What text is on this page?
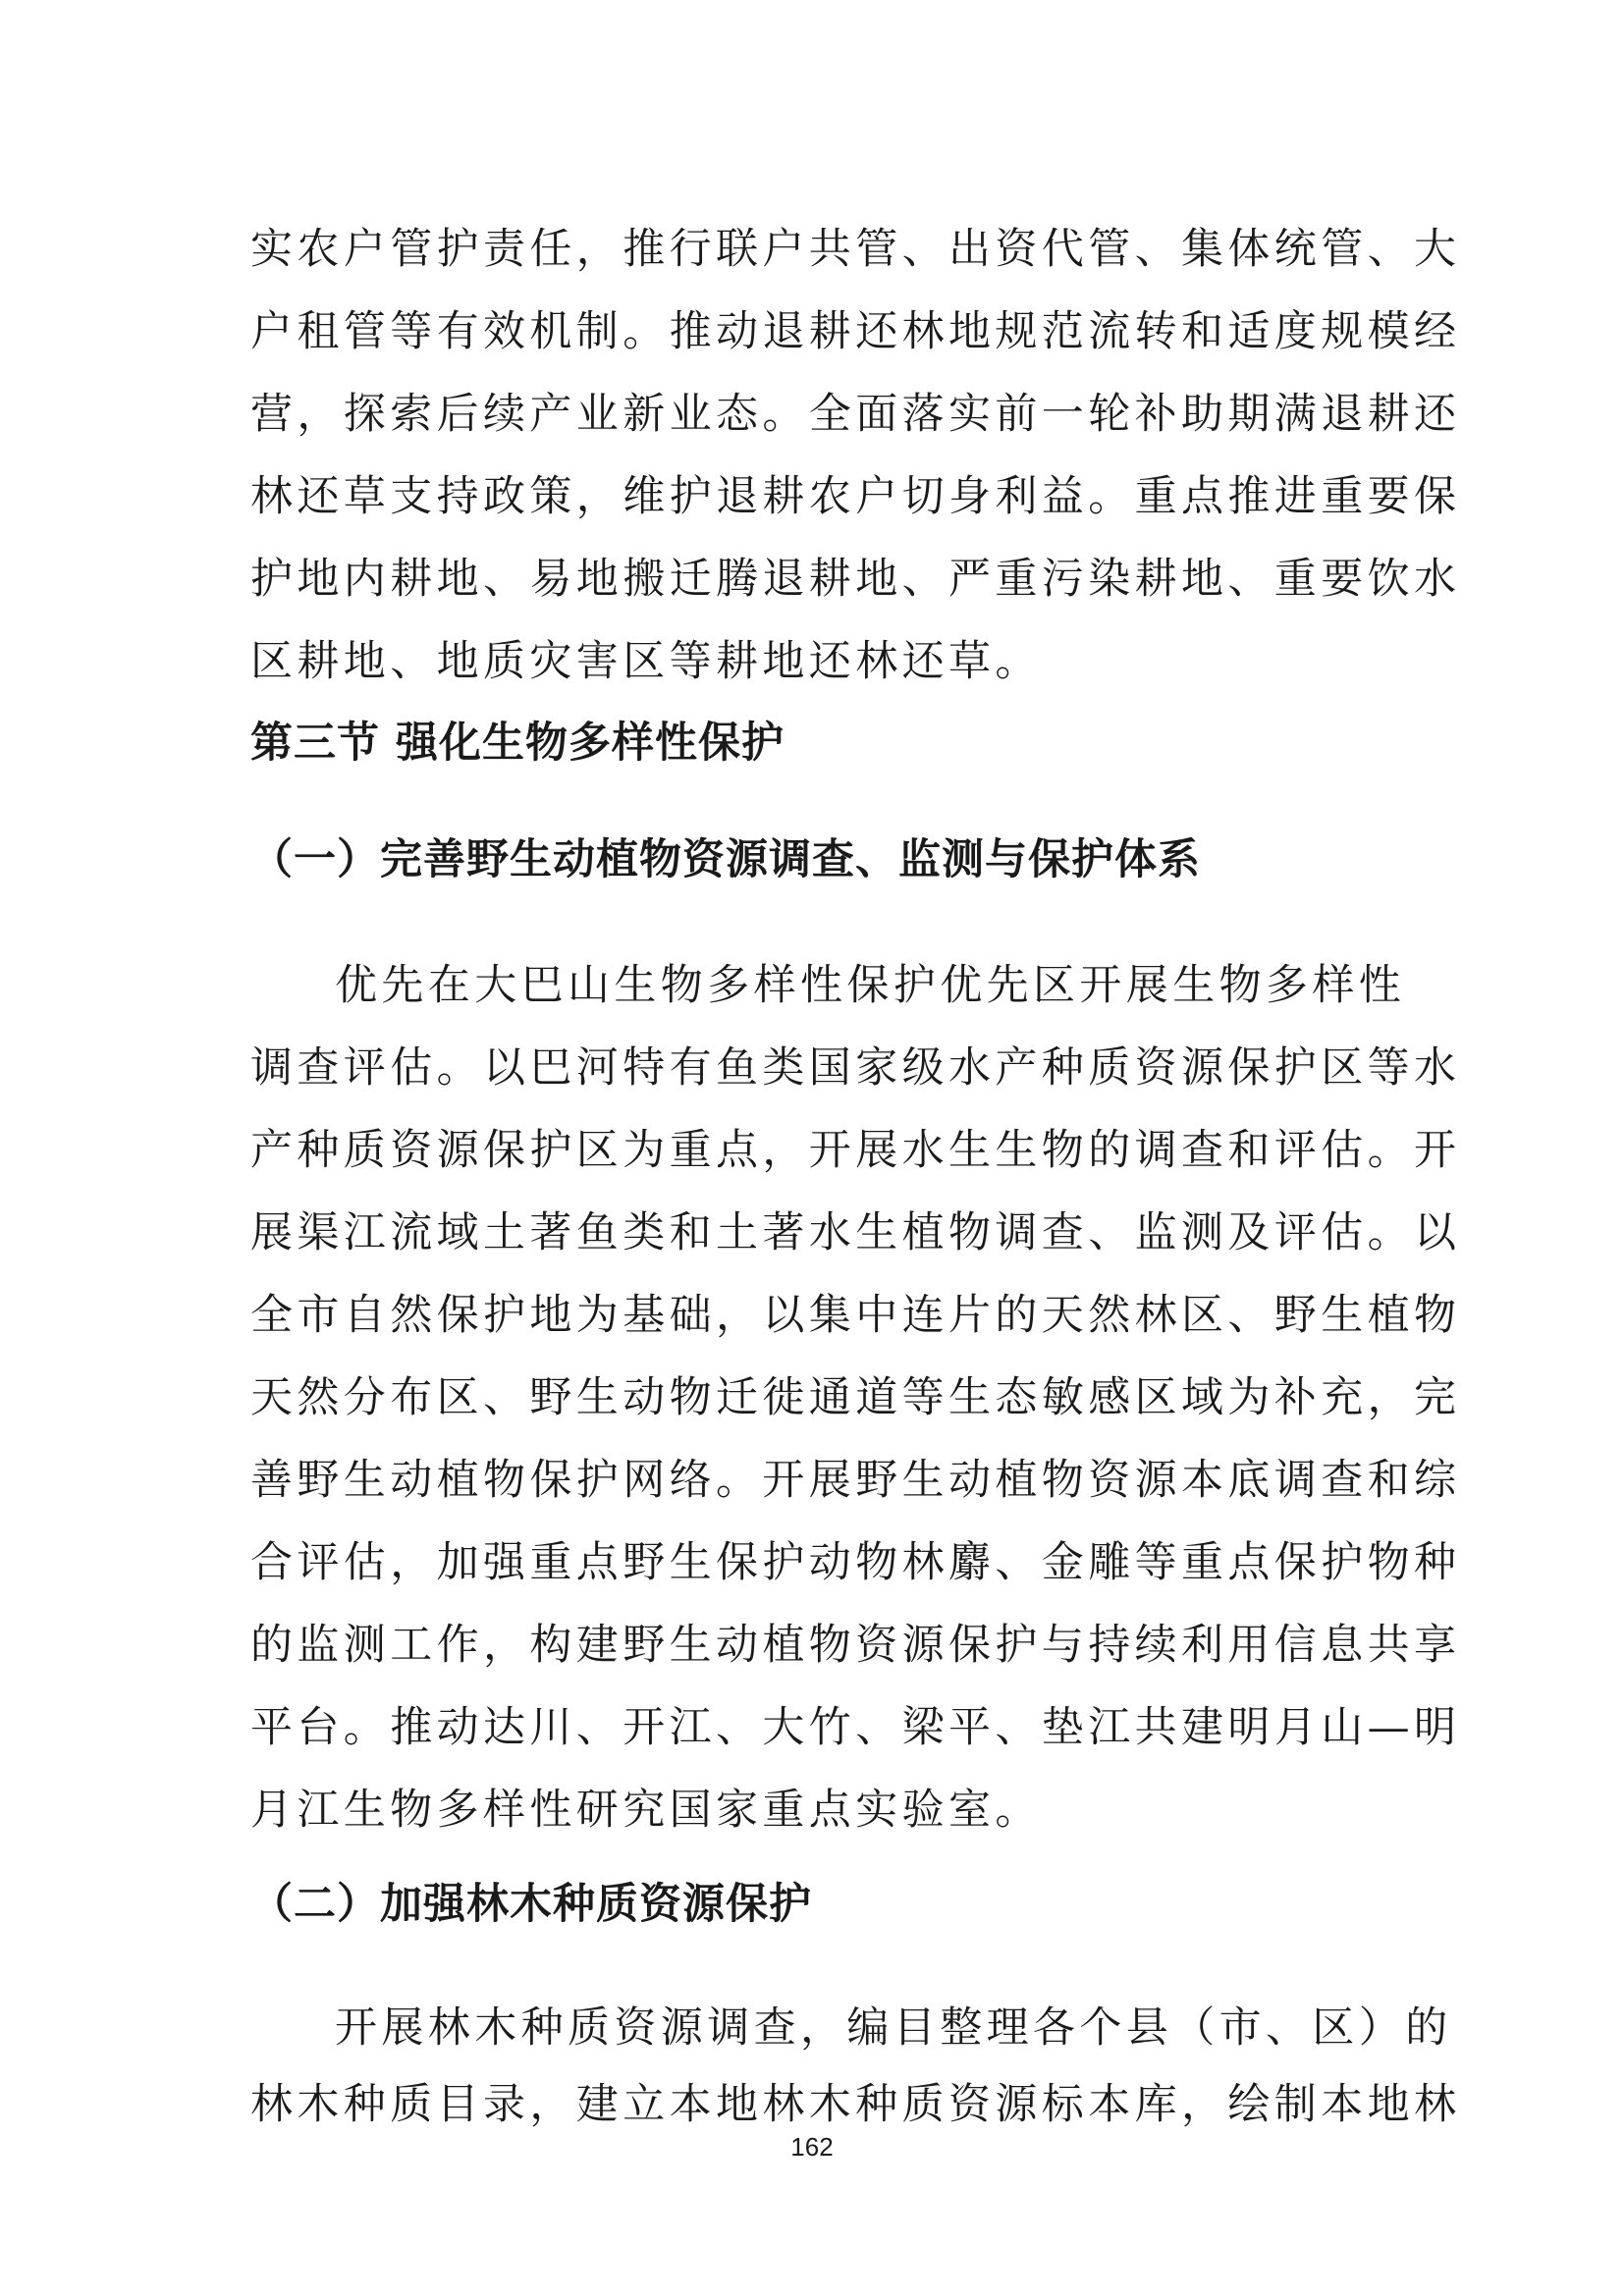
实农户管护责任，推行联户共管、出资代管、集体统管、大
户租管等有效机制。推动退耕还林地规范流转和适度规模经
营，探索后续产业新业态。全面落实前一轮补助期满退耕还
林还草支持政策，维护退耕农户切身利益。重点推进重要保
护地内耕地、易地搬迁腾退耕地、严重污染耕地、重要饮水
区耕地、地质灾害区等耕地还林还草。
第三节 强化生物多样性保护
（一）完善野生动植物资源调查、监测与保护体系
优先在大巴山生物多样性保护优先区开展生物多样性
调查评估。以巴河特有鱼类国家级水产种质资源保护区等水
产种质资源保护区为重点，开展水生生物的调查和评估。开
展渠江流域土著鱼类和土著水生植物调查、监测及评估。以
全市自然保护地为基础，以集中连片的天然林区、野生植物
天然分布区、野生动物迁徙通道等生态敏感区域为补充，完
善野生动植物保护网络。开展野生动植物资源本底调查和综
合评估，加强重点野生保护动物林麝、金雕等重点保护物种
的监测工作，构建野生动植物资源保护与持续利用信息共享
平台。推动达川、开江、大竹、梁平、垫江共建明月山—明
月江生物多样性研究国家重点实验室。
（二）加强林木种质资源保护
开展林木种质资源调查，编目整理各个县（市、区）的
林木种质目录，建立本地林木种质资源标本库，绘制本地林
162
